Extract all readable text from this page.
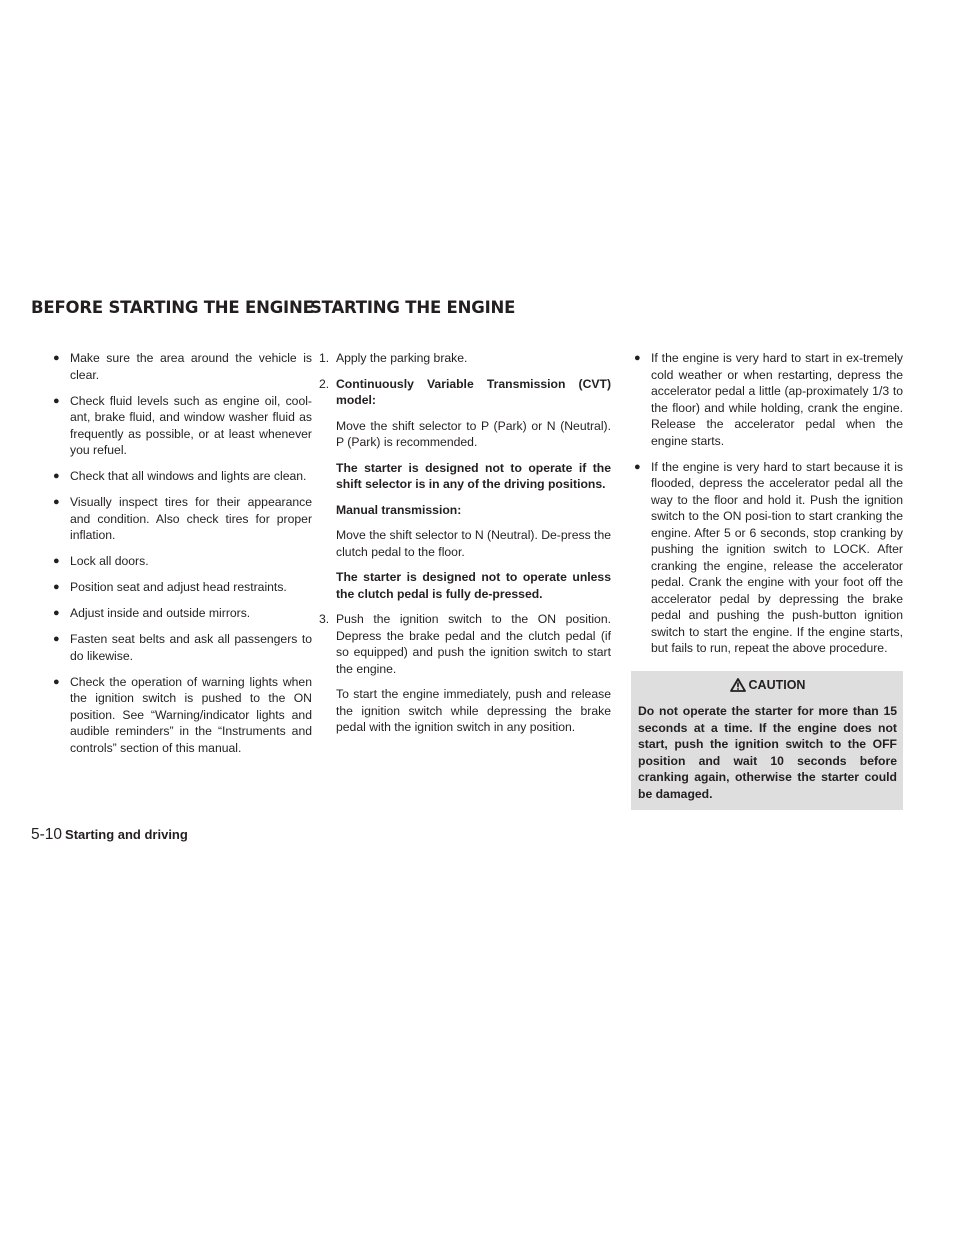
BEFORE STARTING THE ENGINE
STARTING THE ENGINE
● Make sure the area around the vehicle is clear.
● Check fluid levels such as engine oil, cool-ant, brake fluid, and window washer fluid as frequently as possible, or at least whenever you refuel.
● Check that all windows and lights are clean.
● Visually inspect tires for their appearance and condition. Also check tires for proper inflation.
● Lock all doors.
● Position seat and adjust head restraints.
● Adjust inside and outside mirrors.
● Fasten seat belts and ask all passengers to do likewise.
● Check the operation of warning lights when the ignition switch is pushed to the ON position. See “Warning/indicator lights and audible reminders” in the “Instruments and controls” section of this manual.
1. Apply the parking brake.
2. Continuously Variable Transmission (CVT) model:

Move the shift selector to P (Park) or N (Neutral). P (Park) is recommended.

The starter is designed not to operate if the shift selector is in any of the driving positions.

Manual transmission:

Move the shift selector to N (Neutral). De-press the clutch pedal to the floor.

The starter is designed not to operate unless the clutch pedal is fully de-pressed.

3. Push the ignition switch to the ON position. Depress the brake pedal and the clutch pedal (if so equipped) and push the ignition switch to start the engine.

To start the engine immediately, push and release the ignition switch while depressing the brake pedal with the ignition switch in any position.

● If the engine is very hard to start in ex-tremely cold weather or when restarting, depress the accelerator pedal a little (ap-proximately 1/3 to the floor) and while holding, crank the engine. Release the accelerator pedal when the engine starts.
● If the engine is very hard to start because it is flooded, depress the accelerator pedal all the way to the floor and hold it. Push the ignition switch to the ON posi-tion to start cranking the engine. After 5 or 6 seconds, stop cranking by pushing the ignition switch to LOCK. After cranking the engine, release the accelerator pedal. Crank the engine with your foot off the accelerator pedal by depressing the brake pedal and pushing the push-button ignition switch to start the engine. If the engine starts, but fails to run, repeat the above procedure.
CAUTION
Do not operate the starter for more than 15 seconds at a time. If the engine does not start, push the ignition switch to the OFF position and wait 10 seconds before cranking again, otherwise the starter could be damaged.
5-10 Starting and driving
